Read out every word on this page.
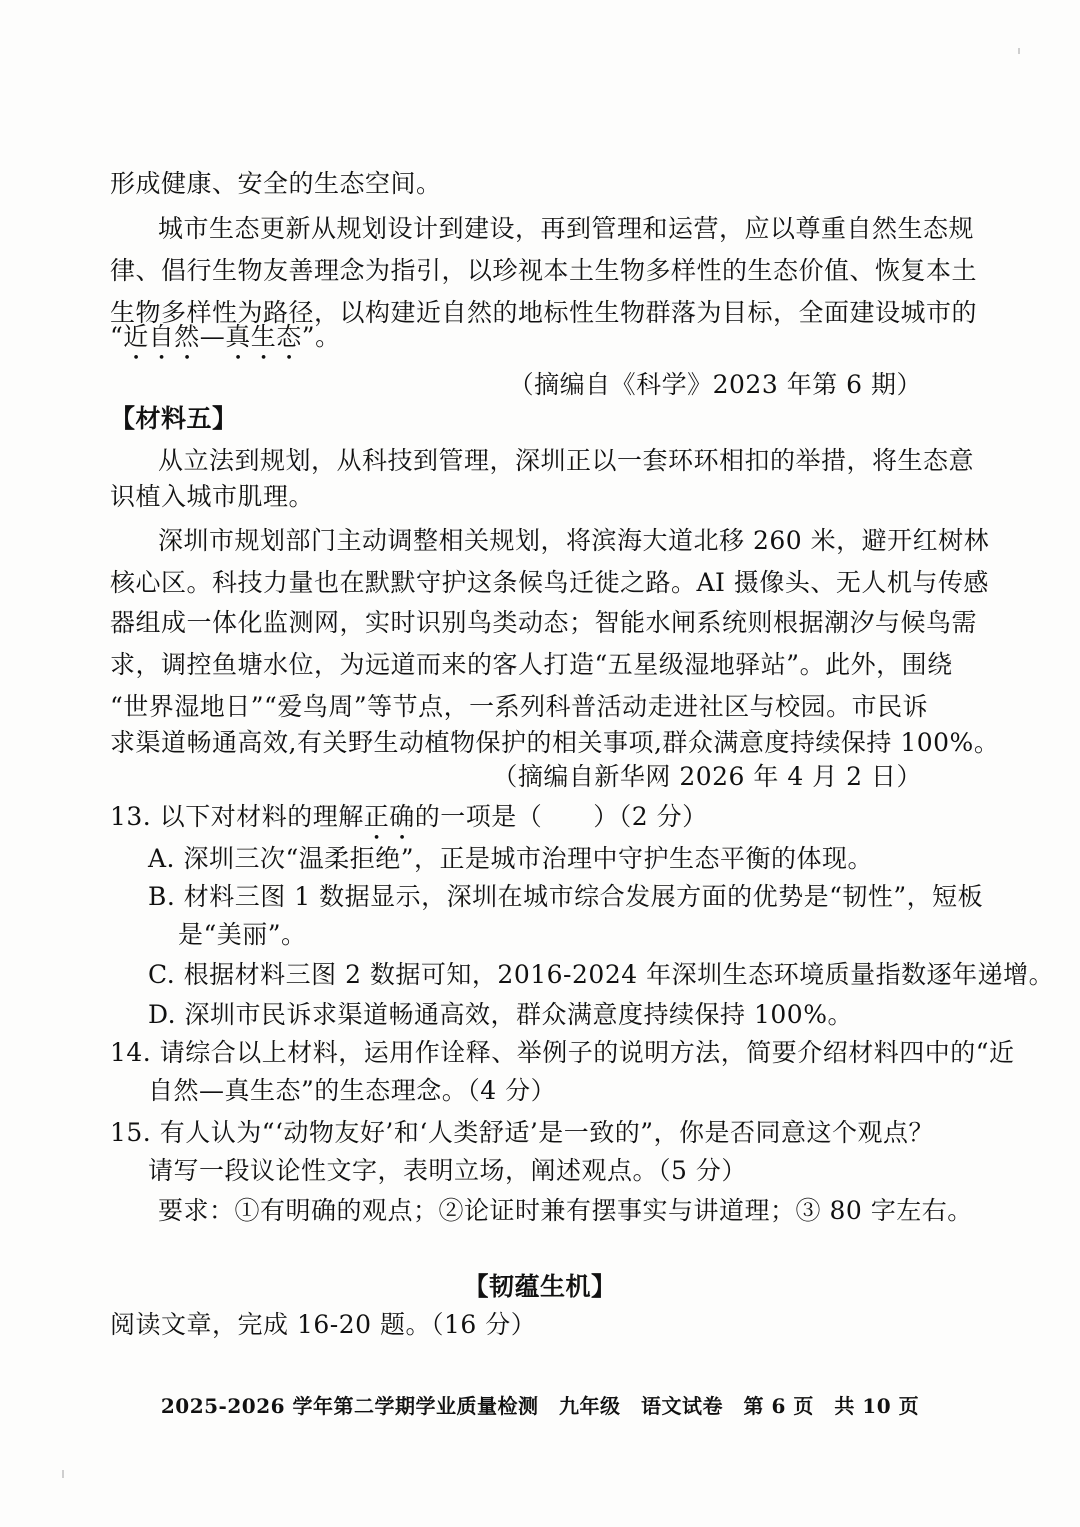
形成健康、安全的生态空间。
城市生态更新从规划设计到建设，再到管理和运营，应以尊重自然生态规
律、倡行生物友善理念为指引，以珍视本土生物多样性的生态价值、恢复本土
生物多样性为路径，以构建近自然的地标性生物群落为目标，全面建设城市的
“近自然—真生态”。
（摘编自《科学》2023 年第 6 期）
【材料五】
从立法到规划，从科技到管理，深圳正以一套环环相扣的举措，将生态意
识植入城市肌理。
深圳市规划部门主动调整相关规划，将滨海大道北移 260 米，避开红树林
核心区。科技力量也在默默守护这条候鸟迁徙之路。AI 摄像头、无人机与传感
器组成一体化监测网，实时识别鸟类动态；智能水闸系统则根据潮汐与候鸟需
求，调控鱼塘水位，为远道而来的客人打造“五星级湿地驿站”。此外，围绕
“世界湿地日”“爱鸟周”等节点，一系列科普活动走进社区与校园。市民诉
求渠道畅通高效,有关野生动植物保护的相关事项,群众满意度持续保持 100%。
（摘编自新华网 2026 年 4 月 2 日）
13. 以下对材料的理解正确的一项是（　　）（2 分）
A. 深圳三次“温柔拒绝”，正是城市治理中守护生态平衡的体现。
B. 材料三图 1 数据显示，深圳在城市综合发展方面的优势是“韧性”，短板
是“美丽”。
C. 根据材料三图 2 数据可知，2016-2024 年深圳生态环境质量指数逐年递增。
D. 深圳市民诉求渠道畅通高效，群众满意度持续保持 100%。
14. 请综合以上材料，运用作诠释、举例子的说明方法，简要介绍材料四中的“近
自然—真生态”的生态理念。（4 分）
15. 有人认为“‘动物友好’和‘人类舒适’是一致的”，你是否同意这个观点？
请写一段议论性文字，表明立场，阐述观点。（5 分）
要求：①有明确的观点；②论证时兼有摆事实与讲道理；③ 80 字左右。
【韧蕴生机】
阅读文章，完成 16-20 题。（16 分）
2025-2026 学年第二学期学业质量检测　九年级　语文试卷　第 6 页　共 10 页
